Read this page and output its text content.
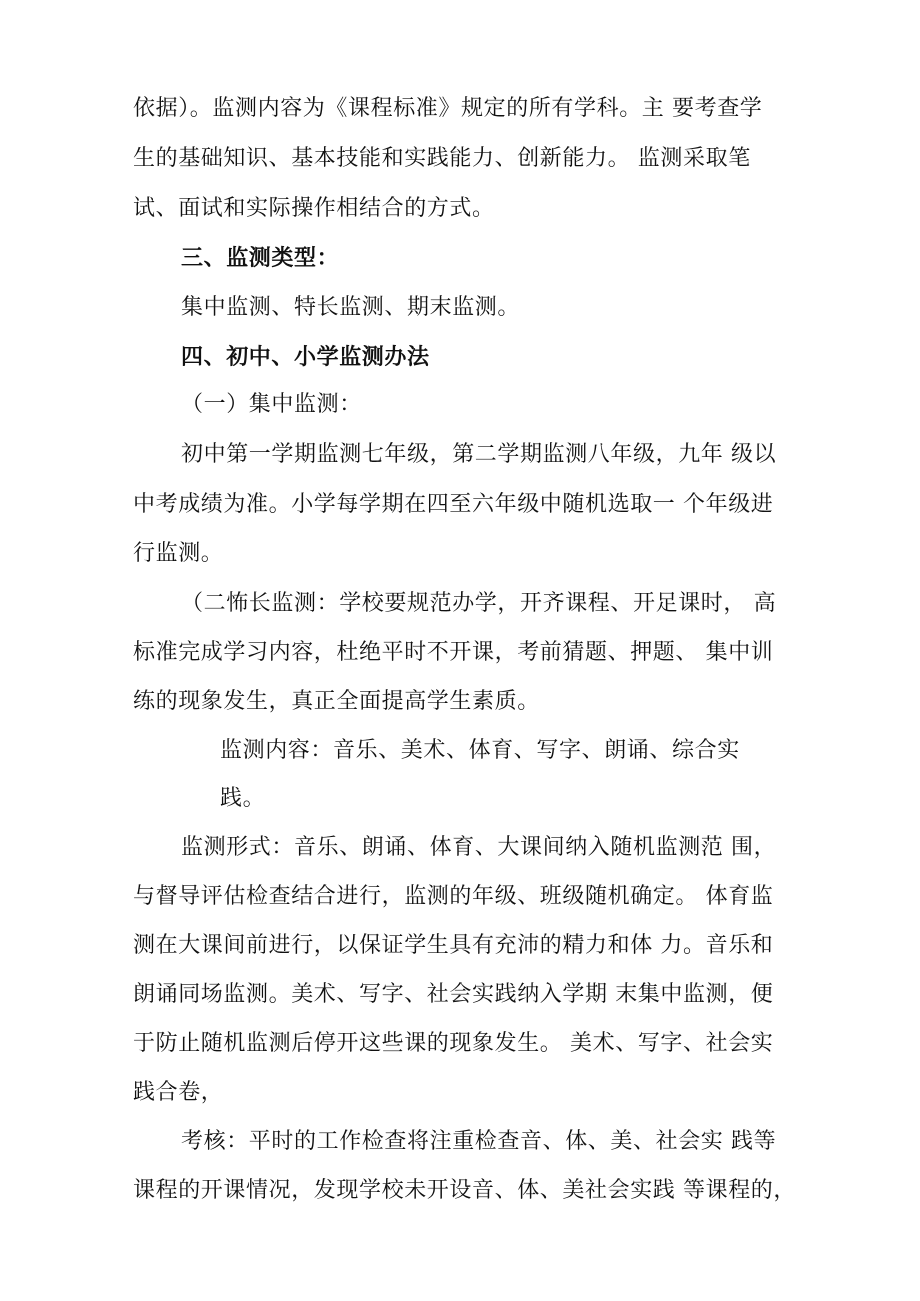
依据）。监测内容为《课程标准》规定的所有学科。主 要考查学
生的基础知识、基本技能和实践能力、创新能力。 监测采取笔
试、面试和实际操作相结合的方式。
三、监测类型：
集中监测、特长监测、期末监测。
四、初中、小学监测办法
（一）集中监测：
初中第一学期监测七年级，第二学期监测八年级，九年 级以
中考成绩为准。小学每学期在四至六年级中随机选取一 个年级进
行监测。
（二怖长监测：学校要规范办学，开齐课程、开足课时， 高
标准完成学习内容，杜绝平时不开课，考前猜题、押题、 集中训
练的现象发生，真正全面提高学生素质。
监测内容：音乐、美术、体育、写字、朗诵、综合实
践。
监测形式：音乐、朗诵、体育、大课间纳入随机监测范 围，
与督导评估检查结合进行，监测的年级、班级随机确定。 体育监
测在大课间前进行，以保证学生具有充沛的精力和体 力。音乐和
朗诵同场监测。美术、写字、社会实践纳入学期 末集中监测，便
于防止随机监测后停开这些课的现象发生。 美术、写字、社会实
践合卷，
考核：平时的工作检查将注重检查音、体、美、社会实 践等
课程的开课情况，发现学校未开设音、体、美社会实践 等课程的，
